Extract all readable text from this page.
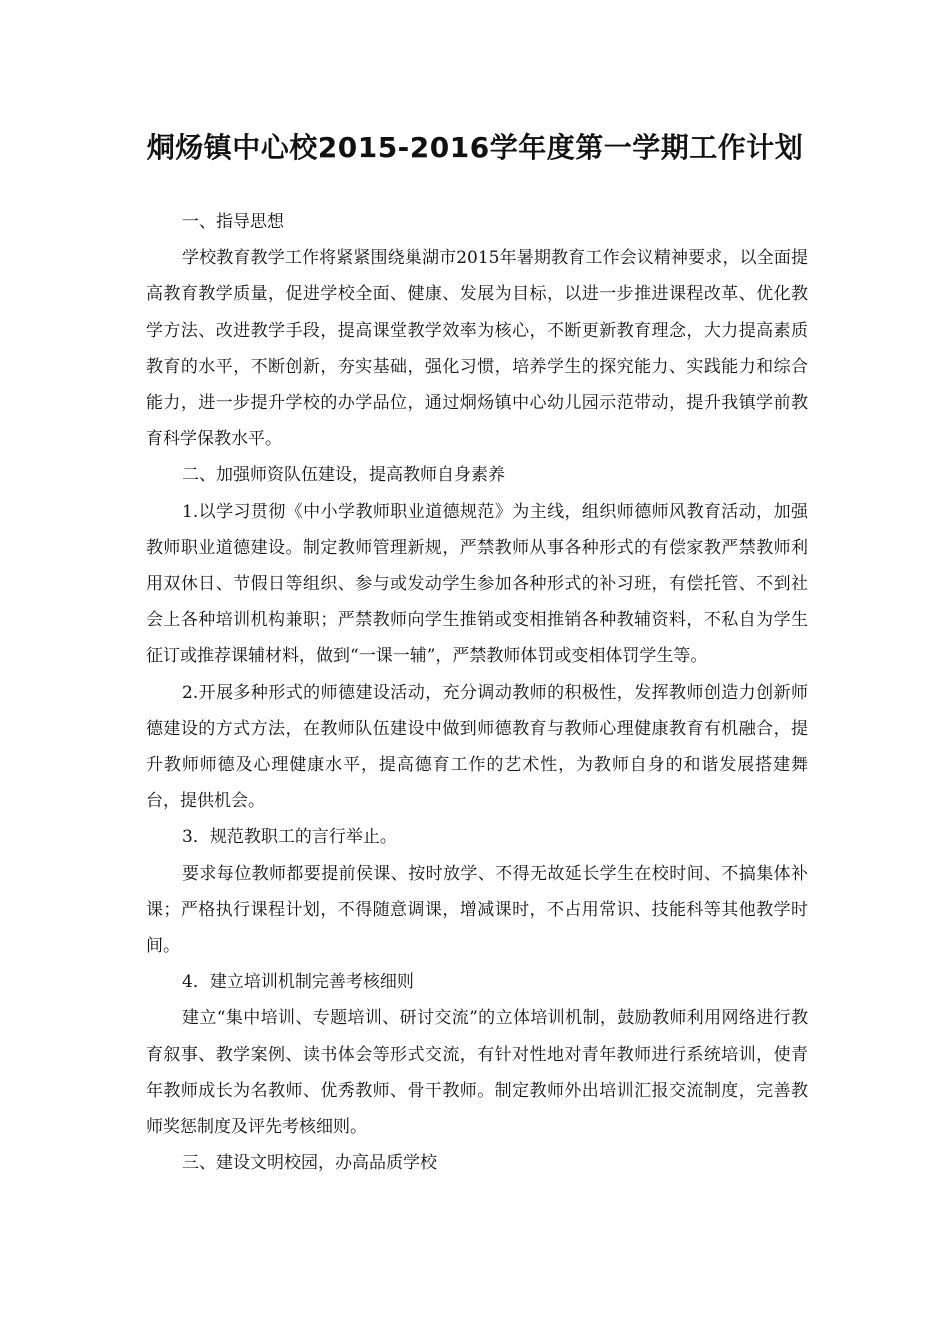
烔炀镇中心校2015-2016学年度第一学期工作计划

一、指导思想

学校教育教学工作将紧紧围绕巢湖市2015年暑期教育工作会议精神要求，以全面提高教育教学质量，促进学校全面、健康、发展为目标，以进一步推进课程改革、优化教学方法、改进教学手段，提高课堂教学效率为核心，不断更新教育理念，大力提高素质教育的水平，不断创新，夯实基础，强化习惯，培养学生的探究能力、实践能力和综合能力，进一步提升学校的办学品位，通过烔炀镇中心幼儿园示范带动，提升我镇学前教育科学保教水平。

二、加强师资队伍建设，提高教师自身素养

1.以学习贯彻《中小学教师职业道德规范》为主线，组织师德师风教育活动，加强教师职业道德建设。制定教师管理新规，严禁教师从事各种形式的有偿家教严禁教师利用双休日、节假日等组织、参与或发动学生参加各种形式的补习班，有偿托管、不到社会上各种培训机构兼职；严禁教师向学生推销或变相推销各种教辅资料，不私自为学生征订或推荐课辅材料，做到“一课一辅”，严禁教师体罚或变相体罚学生等。

2.开展多种形式的师德建设活动，充分调动教师的积极性，发挥教师创造力创新师德建设的方式方法，在教师队伍建设中做到师德教育与教师心理健康教育有机融合，提升教师师德及心理健康水平，提高德育工作的艺术性，为教师自身的和谐发展搭建舞台，提供机会。

3．规范教职工的言行举止。

要求每位教师都要提前侯课、按时放学、不得无故延长学生在校时间、不搞集体补课；严格执行课程计划，不得随意调课，增减课时，不占用常识、技能科等其他教学时间。

4．建立培训机制完善考核细则

建立“集中培训、专题培训、研讨交流”的立体培训机制，鼓励教师利用网络进行教育叙事、教学案例、读书体会等形式交流，有针对性地对青年教师进行系统培训，使青年教师成长为名教师、优秀教师、骨干教师。制定教师外出培训汇报交流制度，完善教师奖惩制度及评先考核细则。

三、建设文明校园，办高品质学校
